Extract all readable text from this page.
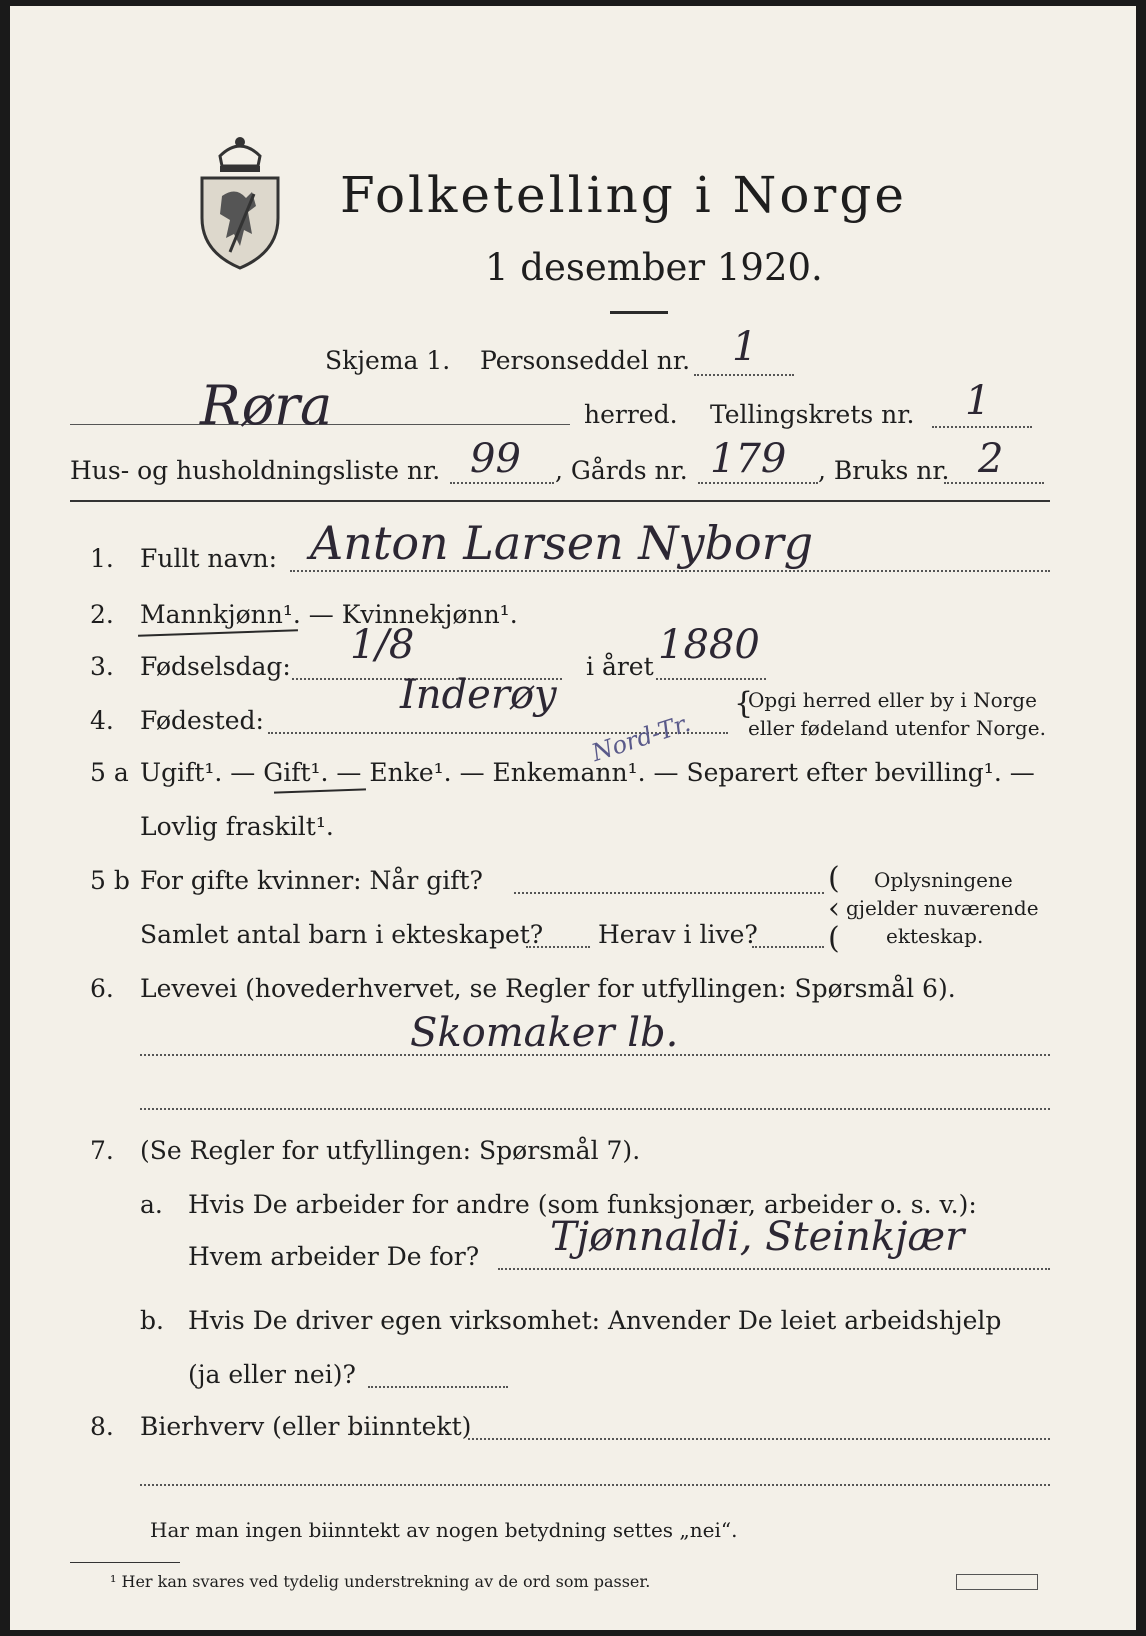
Folketelling i Norge
1 desember 1920.
Skjema 1. Personseddel nr. 1
Røra	herred. Tellingskrets nr. 1
Hus- og husholdningsliste nr. 99 , Gårds nr. 179 , Bruks nr. 2
1. Fullt navn: Anton Larsen Nyborg
2. Mannkjønn¹. — Kvinnekjønn¹.
3. Fødselsdag: 1/8	i året 1880
4. Fødested:
Inderøy
Nord-Tr.
{
Opgi herred eller by i Norge
eller fødeland utenfor Norge.
5 a Ugift¹. — Gift¹. — Enke¹. — Enkemann¹. — Separert efter bevilling¹. —
Lovlig fraskilt¹.
5 b For gifte kvinner: Når gift?
Samlet antal barn i ekteskapet? Herav i live?
(
‹
(
Oplysningene
gjelder nuværende
ekteskap.
6. Levevei (hovederhvervet, se Regler for utfyllingen: Spørsmål 6).
Skomaker lb.
7. (Se Regler for utfyllingen: Spørsmål 7).
a. Hvis De arbeider for andre (som funksjonær, arbeider o. s. v.):
Hvem arbeider De for? Tjønnaldi, Steinkjær
b. Hvis De driver egen virksomhet: Anvender De leiet arbeidshjelp
(ja eller nei)?
8. Bierhverv (eller biinntekt)
Har man ingen biinntekt av nogen betydning settes „nei“.
¹ Her kan svares ved tydelig understrekning av de ord som passer.
